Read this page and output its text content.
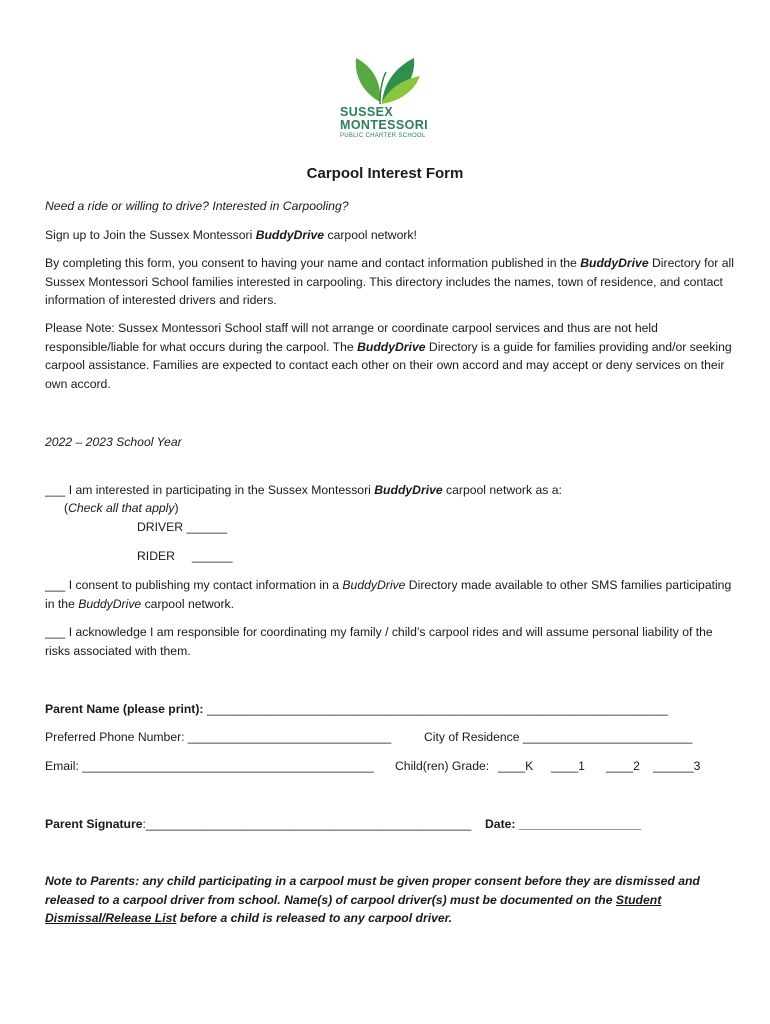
SUSSEX
MONTESSORI
PUBLIC CHARTER SCHOOL
Carpool Interest Form
Need a ride or willing to drive? Interested in Carpooling?
Sign up to Join the Sussex Montessori BuddyDrive carpool network!
By completing this form, you consent to having your name and contact information published in the BuddyDrive Directory for all Sussex Montessori School families interested in carpooling. This directory includes the names, town of residence, and contact information of interested drivers and riders.
Please Note: Sussex Montessori School staff will not arrange or coordinate carpool services and thus are not held responsible/liable for what occurs during the carpool. The BuddyDrive Directory is a guide for families providing and/or seeking carpool assistance. Families are expected to contact each other on their own accord and may accept or deny services on their own accord.
2022 – 2023 School Year
___ I am interested in participating in the Sussex Montessori BuddyDrive carpool network as a:
(Check all that apply)
DRIVER ______
RIDER     ______
___ I consent to publishing my contact information in a BuddyDrive Directory made available to other SMS families participating in the BuddyDrive carpool network.
___ I acknowledge I am responsible for coordinating my family / child’s carpool rides and will assume personal liability of the risks associated with them.
Parent Name (please print): ____________________________________________________________________
Preferred Phone Number: ______________________________	City of Residence _________________________
Email: ___________________________________________ Child(ren) Grade: ____K ____1 ____2 ______3
Parent Signature:________________________________________________ Date: __________________
Note to Parents: any child participating in a carpool must be given proper consent before they are dismissed and released to a carpool driver from school. Name(s) of carpool driver(s) must be documented on the Student Dismissal/Release List before a child is released to any carpool driver.
